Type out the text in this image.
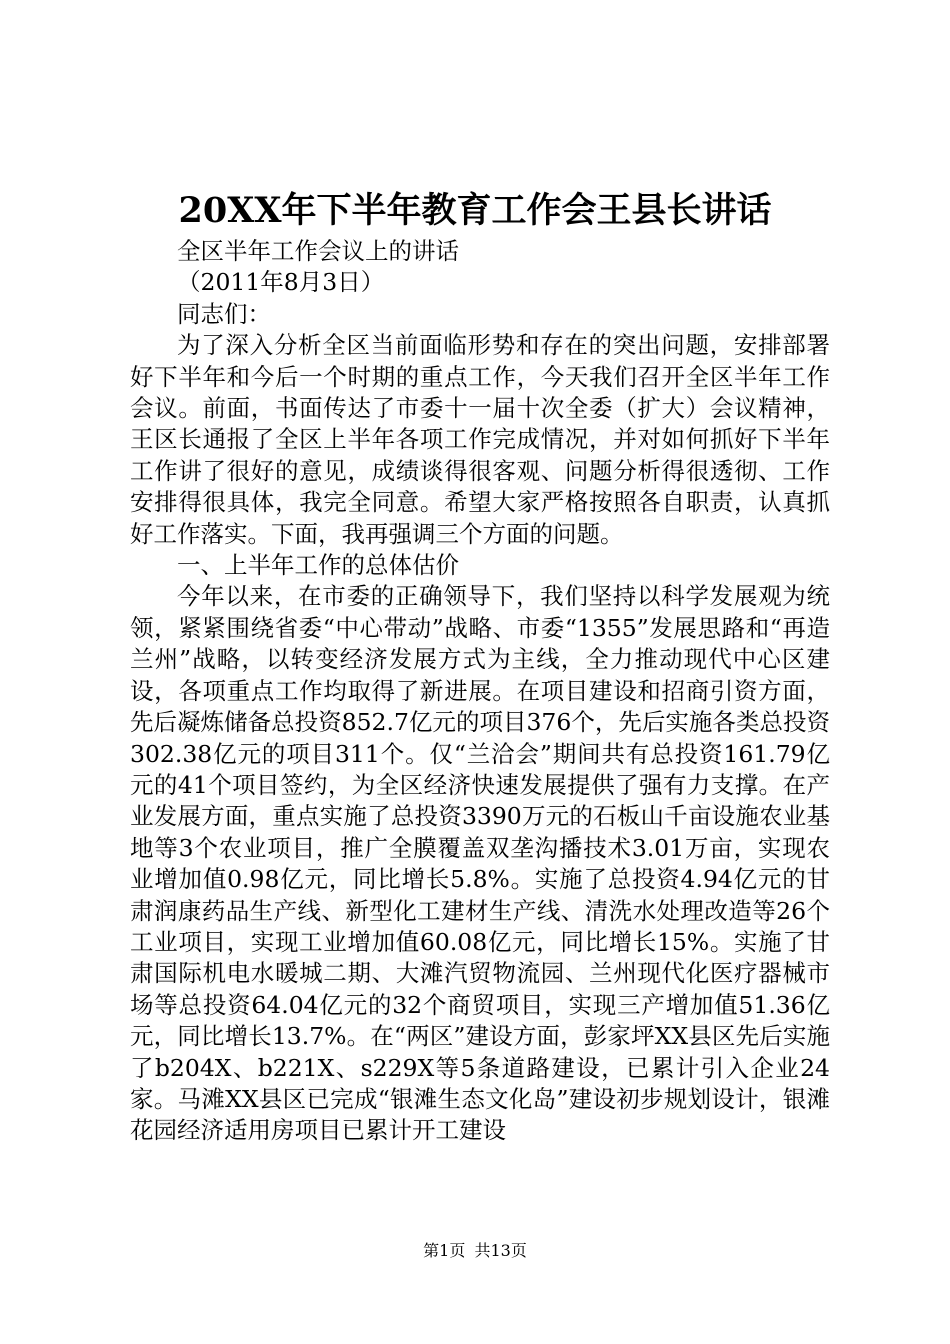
20XX年下半年教育工作会王县长讲话

全区半年工作会议上的讲话

（2011年8月3日）

同志们：

为了深入分析全区当前面临形势和存在的突出问题，安排部署好下半年和今后一个时期的重点工作，今天我们召开全区半年工作会议。前面，书面传达了市委十一届十次全委（扩大）会议精神，王区长通报了全区上半年各项工作完成情况，并对如何抓好下半年工作讲了很好的意见，成绩谈得很客观、问题分析得很透彻、工作安排得很具体，我完全同意。希望大家严格按照各自职责，认真抓好工作落实。下面，我再强调三个方面的问题。

一、上半年工作的总体估价

今年以来，在市委的正确领导下，我们坚持以科学发展观为统领，紧紧围绕省委“中心带动”战略、市委“1355”发展思路和“再造兰州”战略，以转变经济发展方式为主线，全力推动现代中心区建设，各项重点工作均取得了新进展。在项目建设和招商引资方面，先后凝炼储备总投资852.7亿元的项目376个，先后实施各类总投资302.38亿元的项目311个。仅“兰洽会”期间共有总投资161.79亿元的41个项目签约，为全区经济快速发展提供了强有力支撑。在产业发展方面，重点实施了总投资3390万元的石板山千亩设施农业基地等3个农业项目，推广全膜覆盖双垄沟播技术3.01万亩，实现农业增加值0.98亿元，同比增长5.8%。实施了总投资4.94亿元的甘肃润康药品生产线、新型化工建材生产线、清洗水处理改造等26个工业项目，实现工业增加值60.08亿元，同比增长15%。实施了甘肃国际机电水暖城二期、大滩汽贸物流园、兰州现代化医疗器械市场等总投资64.04亿元的32个商贸项目，实现三产增加值51.36亿元，同比增长13.7%。在“两区”建设方面，彭家坪XX县区先后实施了b204X、b221X、s229X等5条道路建设，已累计引入企业24家。马滩XX县区已完成“银滩生态文化岛”建设初步规划设计，银滩花园经济适用房项目已累计开工建设

第1页 共13页
